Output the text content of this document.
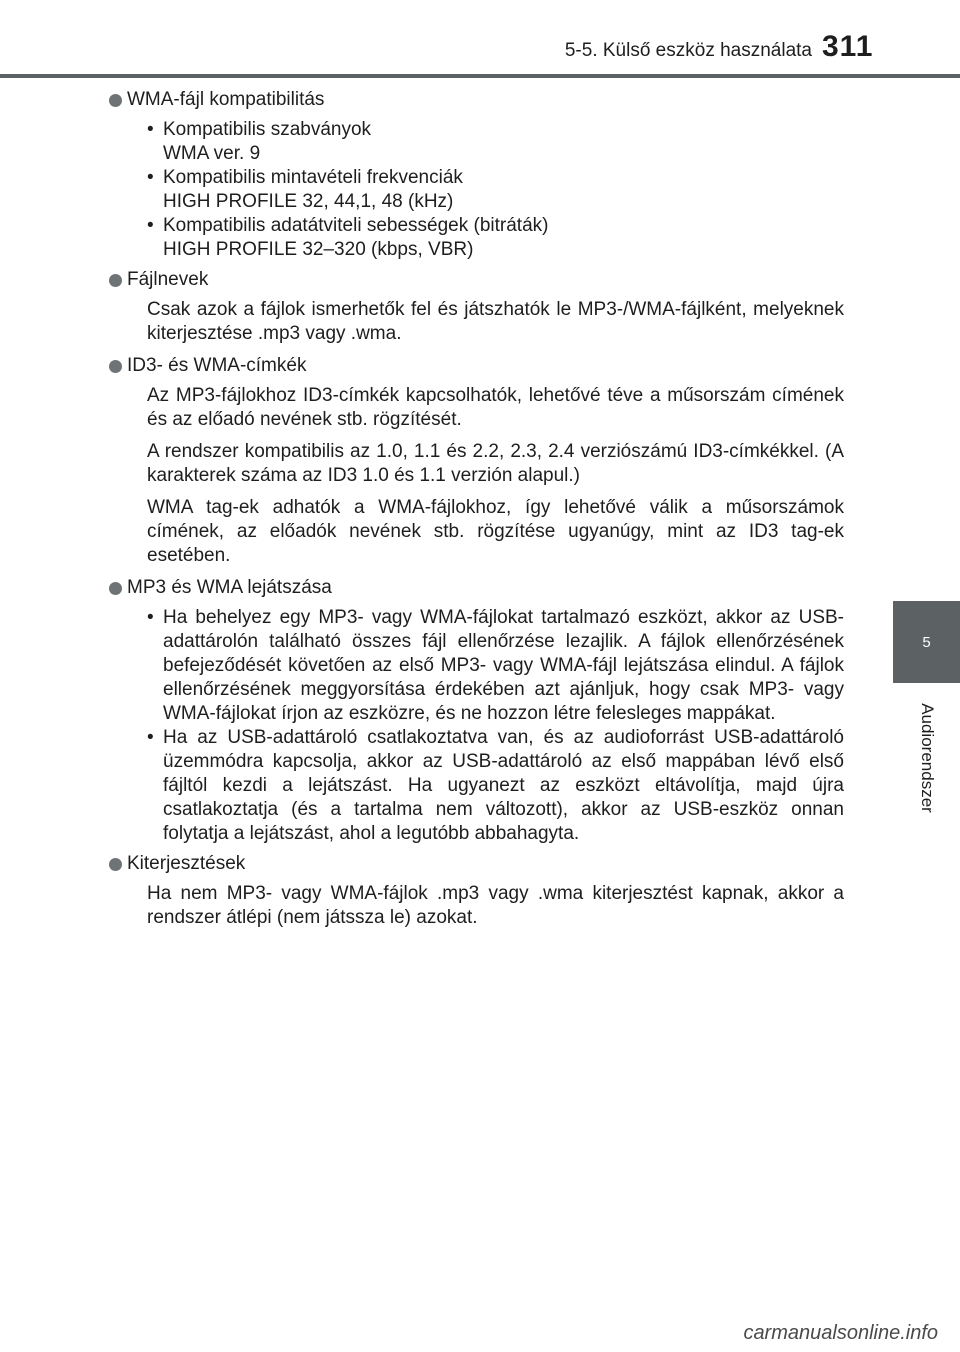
5-5. Külső eszköz használata 311
5
Audiorendszer
WMA-fájl kompatibilitás
• Kompatibilis szabványok
WMA ver. 9
• Kompatibilis mintavételi frekvenciák
HIGH PROFILE 32, 44,1, 48 (kHz)
• Kompatibilis adatátviteli sebességek (bitráták)
HIGH PROFILE 32–320 (kbps, VBR)
Fájlnevek

Csak azok a fájlok ismerhetők fel és játszhatók le MP3-/WMA-fájlként, melyeknek kiterjesztése .mp3 vagy .wma.

ID3- és WMA-címkék

Az MP3-fájlokhoz ID3-címkék kapcsolhatók, lehetővé téve a műsorszám címének és az előadó nevének stb. rögzítését.

A rendszer kompatibilis az 1.0, 1.1 és 2.2, 2.3, 2.4 verziószámú ID3-címkékkel. (A karakterek száma az ID3 1.0 és 1.1 verzión alapul.)

WMA tag-ek adhatók a WMA-fájlokhoz, így lehetővé válik a műsorszámok címének, az előadók nevének stb. rögzítése ugyanúgy, mint az ID3 tag-ek esetében.

MP3 és WMA lejátszása
• Ha behelyez egy MP3- vagy WMA-fájlokat tartalmazó eszközt, akkor az USB-adattárolón található összes fájl ellenőrzése lezajlik. A fájlok ellenőrzésének befejeződését követően az első MP3- vagy WMA-fájl lejátszása elindul. A fájlok ellenőrzésének meggyorsítása érdekében azt ajánljuk, hogy csak MP3- vagy WMA-fájlokat írjon az eszközre, és ne hozzon létre felesleges mappákat.
• Ha az USB-adattároló csatlakoztatva van, és az audioforrást USB-adattároló üzemmódra kapcsolja, akkor az USB-adattároló az első mappában lévő első fájltól kezdi a lejátszást. Ha ugyanezt az eszközt eltávolítja, majd újra csatlakoztatja (és a tartalma nem változott), akkor az USB-eszköz onnan folytatja a lejátszást, ahol a legutóbb abbahagyta.
Kiterjesztések

Ha nem MP3- vagy WMA-fájlok .mp3 vagy .wma kiterjesztést kapnak, akkor a rendszer átlépi (nem játssza le) azokat.

carmanualsonline.info
